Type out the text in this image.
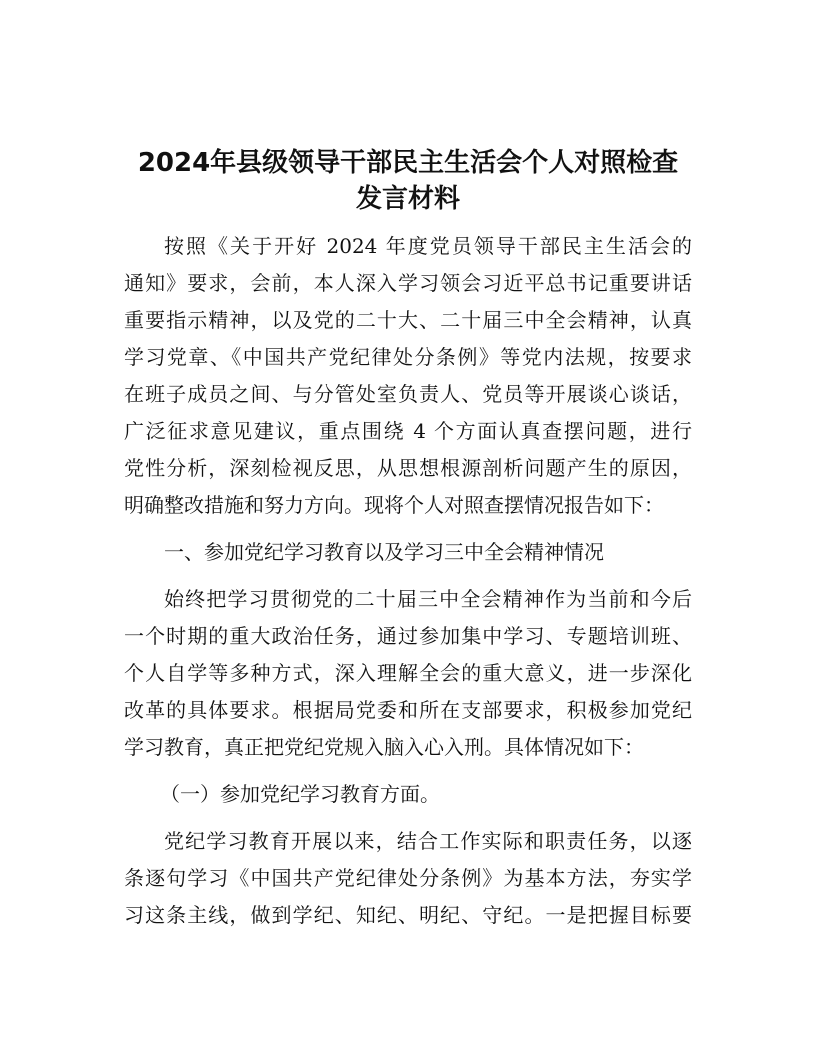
2024年县级领导干部民主生活会个人对照检查
发言材料
按照《关于开好 2024 年度党员领导干部民主生活会的
通知》要求，会前，本人深入学习领会习近平总书记重要讲话
重要指示精神，以及党的二十大、二十届三中全会精神，认真
学习党章、《中国共产党纪律处分条例》等党内法规，按要求
在班子成员之间、与分管处室负责人、党员等开展谈心谈话，
广泛征求意见建议，重点围绕 4 个方面认真查摆问题，进行
党性分析，深刻检视反思，从思想根源剖析问题产生的原因，
明确整改措施和努力方向。现将个人对照查摆情况报告如下：
一、参加党纪学习教育以及学习三中全会精神情况
始终把学习贯彻党的二十届三中全会精神作为当前和今后
一个时期的重大政治任务，通过参加集中学习、专题培训班、
个人自学等多种方式，深入理解全会的重大意义，进一步深化
改革的具体要求。根据局党委和所在支部要求，积极参加党纪
学习教育，真正把党纪党规入脑入心入刑。具体情况如下：
（一）参加党纪学习教育方面。
党纪学习教育开展以来，结合工作实际和职责任务，以逐
条逐句学习《中国共产党纪律处分条例》为基本方法，夯实学
习这条主线，做到学纪、知纪、明纪、守纪。一是把握目标要
